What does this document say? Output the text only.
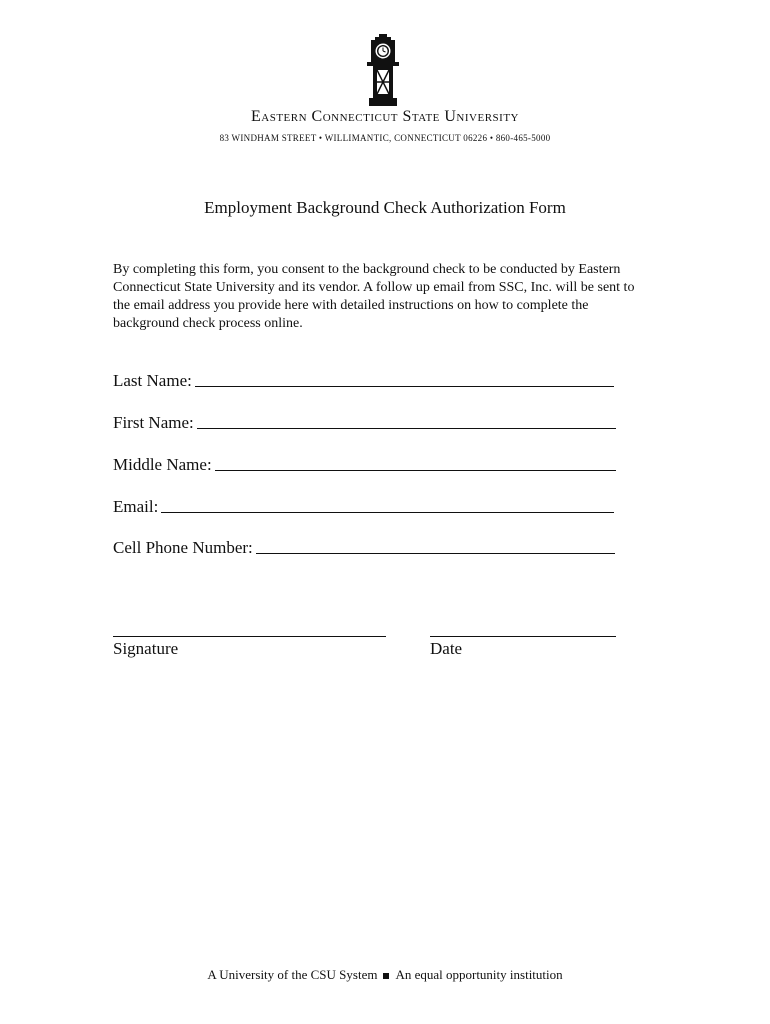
Eastern Connecticut State University
83 WINDHAM STREET • WILLIMANTIC, CONNECTICUT 06226 • 860-465-5000
Employment Background Check Authorization Form
By completing this form, you consent to the background check to be conducted by Eastern Connecticut State University and its vendor. A follow up email from SSC, Inc. will be sent to the email address you provide here with detailed instructions on how to complete the background check process online.
Last Name:
First Name:
Middle Name:
Email:
Cell Phone Number:
Signature	Date
A University of the CSU System An equal opportunity institution
